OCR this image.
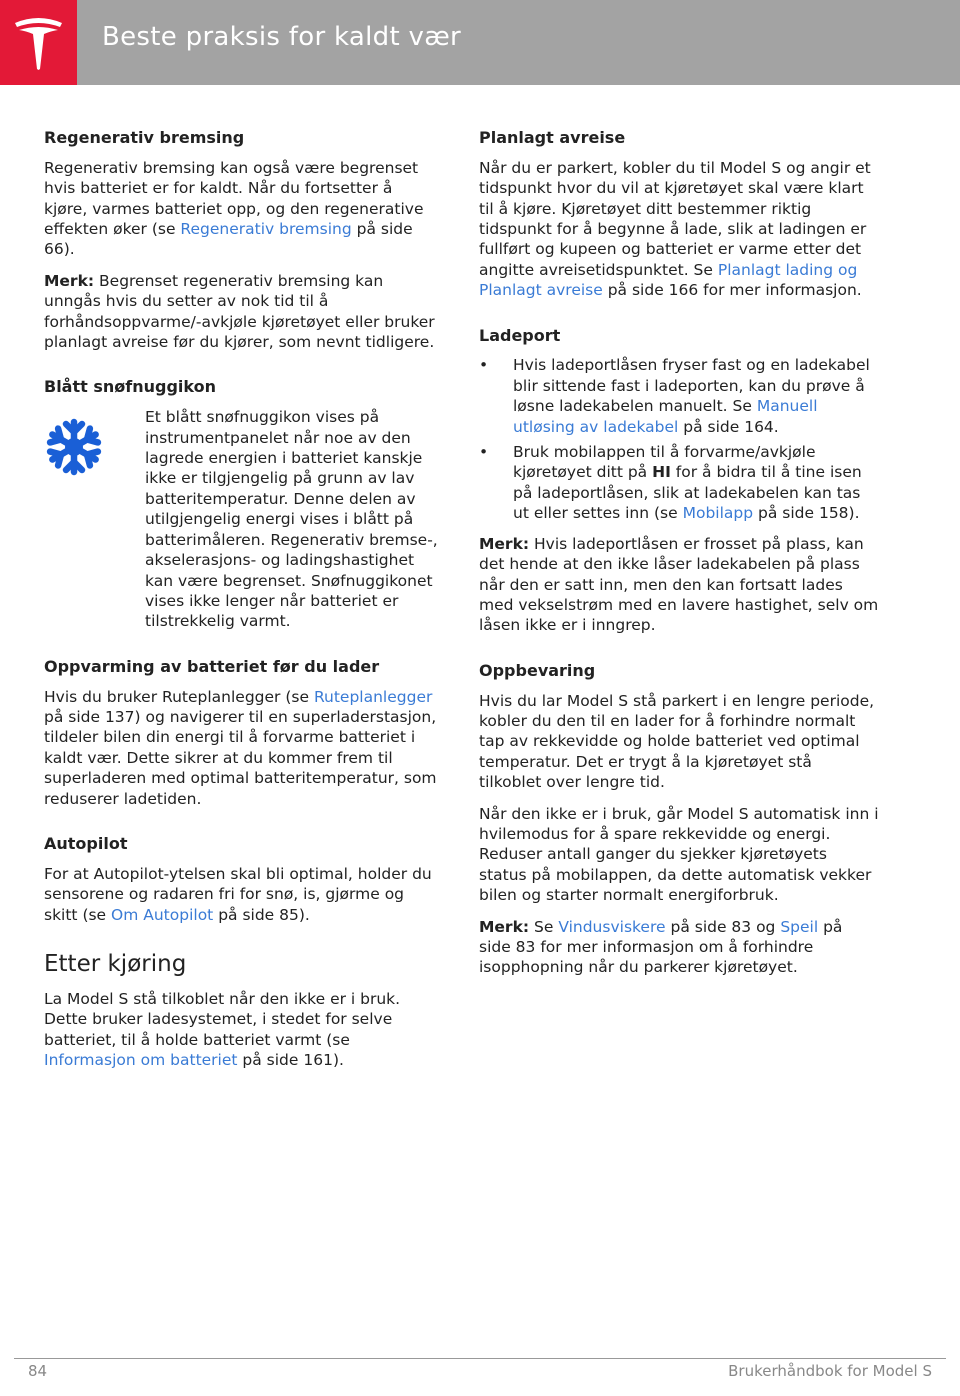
Beste praksis for kaldt vær
Regenerativ bremsing

Regenerativ bremsing kan også være begrenset hvis batteriet er for kaldt. Når du fortsetter å kjøre, varmes batteriet opp, og den regenerative effekten øker (se Regenerativ bremsing på side 66).

Merk: Begrenset regenerativ bremsing kan unngås hvis du setter av nok tid til å forhåndsoppvarme/-avkjøle kjøretøyet eller bruker planlagt avreise før du kjører, som nevnt tidligere.

Blått snøfnuggikon

Et blått snøfnuggikon vises på instrumentpanelet når noe av den lagrede energien i batteriet kanskje ikke er tilgjengelig på grunn av lav batteritemperatur. Denne delen av utilgjengelig energi vises i blått på batterimåleren. Regenerativ bremse-, akselerasjons- og ladingshastighet kan være begrenset. Snøfnuggikonet vises ikke lenger når batteriet er tilstrekkelig varmt.

Oppvarming av batteriet før du lader

Hvis du bruker Ruteplanlegger (se Ruteplanlegger på side 137) og navigerer til en superladerstasjon, tildeler bilen din energi til å forvarme batteriet i kaldt vær. Dette sikrer at du kommer frem til superladeren med optimal batteritemperatur, som reduserer ladetiden.

Autopilot

For at Autopilot-ytelsen skal bli optimal, holder du sensorene og radaren fri for snø, is, gjørme og skitt (se Om Autopilot på side 85).

Etter kjøring

La Model S stå tilkoblet når den ikke er i bruk. Dette bruker ladesystemet, i stedet for selve batteriet, til å holde batteriet varmt (se Informasjon om batteriet på side 161).

Planlagt avreise

Når du er parkert, kobler du til Model S og angir et tidspunkt hvor du vil at kjøretøyet skal være klart til å kjøre. Kjøretøyet ditt bestemmer riktig tidspunkt for å begynne å lade, slik at ladingen er fullført og kupeen og batteriet er varme etter det angitte avreisetidspunktet. Se Planlagt lading og Planlagt avreise på side 166 for mer informasjon.

Ladeport
• Hvis ladeportlåsen fryser fast og en ladekabel blir sittende fast i ladeporten, kan du prøve å løsne ladekabelen manuelt. Se Manuell utløsing av ladekabel på side 164.
• Bruk mobilappen til å forvarme/avkjøle kjøretøyet ditt på HI for å bidra til å tine isen på ladeportlåsen, slik at ladekabelen kan tas ut eller settes inn (se Mobilapp på side 158).

Merk: Hvis ladeportlåsen er frosset på plass, kan det hende at den ikke låser ladekabelen på plass når den er satt inn, men den kan fortsatt lades med vekselstrøm med en lavere hastighet, selv om låsen ikke er i inngrep.

Oppbevaring

Hvis du lar Model S stå parkert i en lengre periode, kobler du den til en lader for å forhindre normalt tap av rekkevidde og holde batteriet ved optimal temperatur. Det er trygt å la kjøretøyet stå tilkoblet over lengre tid.

Når den ikke er i bruk, går Model S automatisk inn i hvilemodus for å spare rekkevidde og energi. Reduser antall ganger du sjekker kjøretøyets status på mobilappen, da dette automatisk vekker bilen og starter normalt energiforbruk.

Merk: Se Vindusviskere på side 83 og Speil på side 83 for mer informasjon om å forhindre isopphopning når du parkerer kjøretøyet.

84	Brukerhåndbok for Model S
